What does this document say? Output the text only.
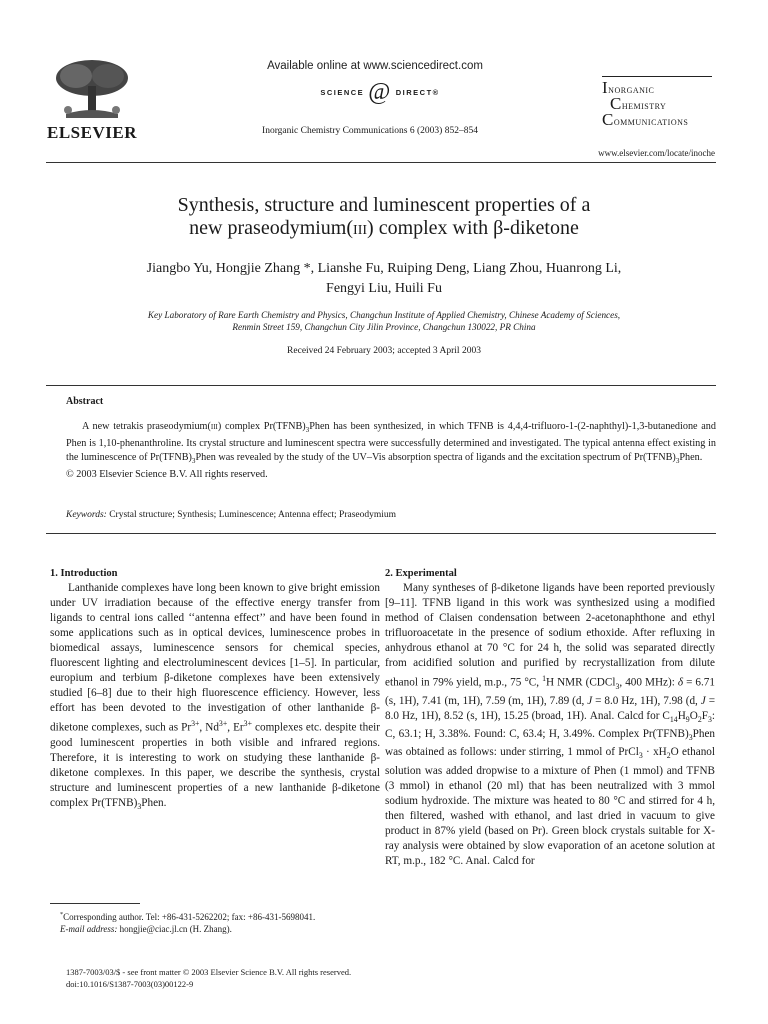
ELSEVIER
Available online at www.sciencedirect.com
SCIENCE @ DIRECT®
Inorganic Chemistry Communications 6 (2003) 852–854
Inorganic
Chemistry
Communications
www.elsevier.com/locate/inoche
Synthesis, structure and luminescent properties of a
new praseodymium(iii) complex with β-diketone
Jiangbo Yu, Hongjie Zhang *, Lianshe Fu, Ruiping Deng, Liang Zhou, Huanrong Li,
Fengyi Liu, Huili Fu
Key Laboratory of Rare Earth Chemistry and Physics, Changchun Institute of Applied Chemistry, Chinese Academy of Sciences,
Renmin Street 159, Changchun City Jilin Province, Changchun 130022, PR China
Received 24 February 2003; accepted 3 April 2003
Abstract

A new tetrakis praseodymium(iii) complex $Pr(TFNB)_3Phen$ has been synthesized, in which TFNB is 4,4,4-trifluoro-1-(2-naphthyl)-1,3-butanedione and Phen is 1,10-phenanthroline. Its crystal structure and luminescent spectra were successfully determined and investigated. The typical antenna effect existing in the luminescence of $Pr(TFNB)_3Phen$ was revealed by the study of the UV–Vis absorption spectra of ligands and the excitation spectrum of $Pr(TFNB)_3Phen$.

© 2003 Elsevier Science B.V. All rights reserved.

Keywords: Crystal structure; Synthesis; Luminescence; Antenna effect; Praseodymium

1. Introduction

Lanthanide complexes have long been known to give bright emission under UV irradiation because of the effective energy transfer from ligands to central ions called ‘‘antenna effect’’ and have been found in some applications such as in optical devices, luminescence probes in biomedical assays, luminescence sensors for chemical species, fluorescent lighting and electroluminescent devices [1–5]. In particular, europium and terbium β-diketone complexes have been extensively studied [6–8] due to their high fluorescence efficiency. However, less effort has been devoted to the investigation of other lanthanide β-diketone complexes, such as $Pr^{3+}$, $Nd^{3+}$, $Er^{3+}$ complexes etc. despite their good luminescent properties in both visible and infrared regions. Therefore, it is interesting to work on studying these lanthanide β-diketone complexes. In this paper, we describe the synthesis, crystal structure and luminescent properties of a new lanthanide β-diketone complex $Pr(TFNB)_3Phen$.

*Corresponding author. Tel: +86-431-5262202; fax: +86-431-5698041.
E-mail address: hongjie@ciac.jl.cn (H. Zhang).

2. Experimental

Many syntheses of β-diketone ligands have been reported previously [9–11]. TFNB ligand in this work was synthesized using a modified method of Claisen condensation between 2-acetonaphthone and ethyl trifluoroacetate in the presence of sodium ethoxide. After refluxing in anhydrous ethanol at 70 °C for 24 h, the solid was separated directly from acidified solution and purified by recrystallization from dilute ethanol in 79% yield, m.p., 75 °C, $^1$H NMR (CDCl$_3$, 400 MHz): δ = 6.71 (s, 1H), 7.41 (m, 1H), 7.59 (m, 1H), 7.89 (d, J = 8.0 Hz, 1H), 7.98 (d, J = 8.0 Hz, 1H), 8.52 (s, 1H), 15.25 (broad, 1H). Anal. Calcd for $C_{14}H_9O_2F_3$: C, 63.1; H, 3.38%. Found: C, 63.4; H, 3.49%. Complex $Pr(TFNB)_3Phen$ was obtained as follows: under stirring, 1 mmol of PrCl$_3$ · $xH_2O$ ethanol solution was added dropwise to a mixture of Phen (1 mmol) and TFNB (3 mmol) in ethanol (20 ml) that has been neutralized with 3 mmol sodium hydroxide. The mixture was heated to 80 °C and stirred for 4 h, then filtered, washed with ethanol, and last dried in vacuum to give product in 87% yield (based on Pr). Green block crystals suitable for X-ray analysis were obtained by slow evaporation of an acetone solution at RT, m.p., 182 °C. Anal. Calcd for

1387-7003/03/$ - see front matter © 2003 Elsevier Science B.V. All rights reserved.
doi:10.1016/S1387-7003(03)00122-9
